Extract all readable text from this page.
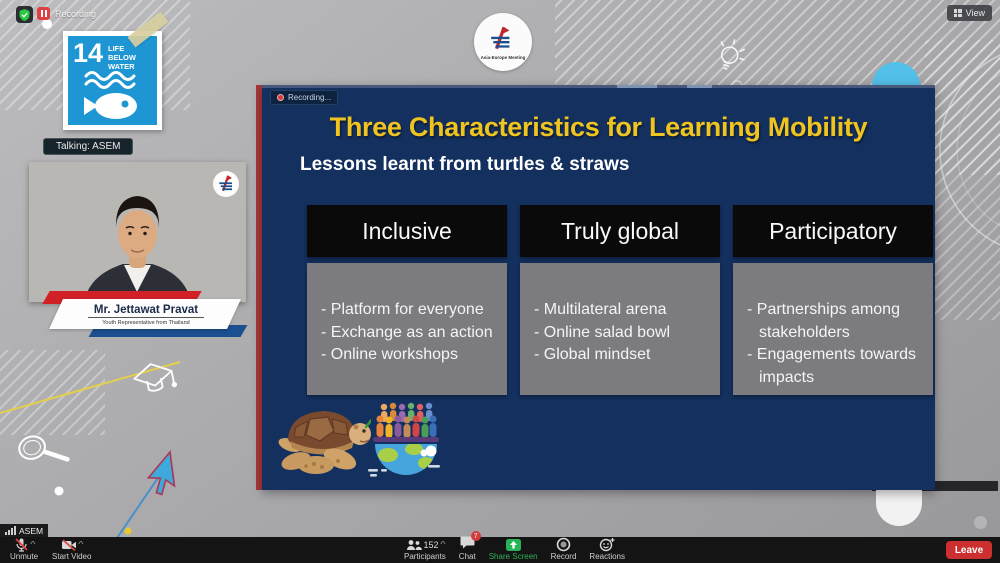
Recording	View
Asia-Europe Meeting
14 LIFE
BELOW WATER
Talking: ASEM
Mr. Jettawat Pravat
Youth Representative from Thailand
Recording...
Three Characteristics for Learning Mobility
Lessons learnt from turtles & straws
Inclusive
- Platform for everyone
- Exchange as an action
- Online workshops
Truly global
- Multilateral arena
- Online salad bowl
- Global mindset
Participatory
- Partnerships among stakeholders
- Engagements towards impacts
ASEM
^
Unmute
^
Start Video
152 ^
Participants
7
Chat Share Screen Record Reactions
Leave
